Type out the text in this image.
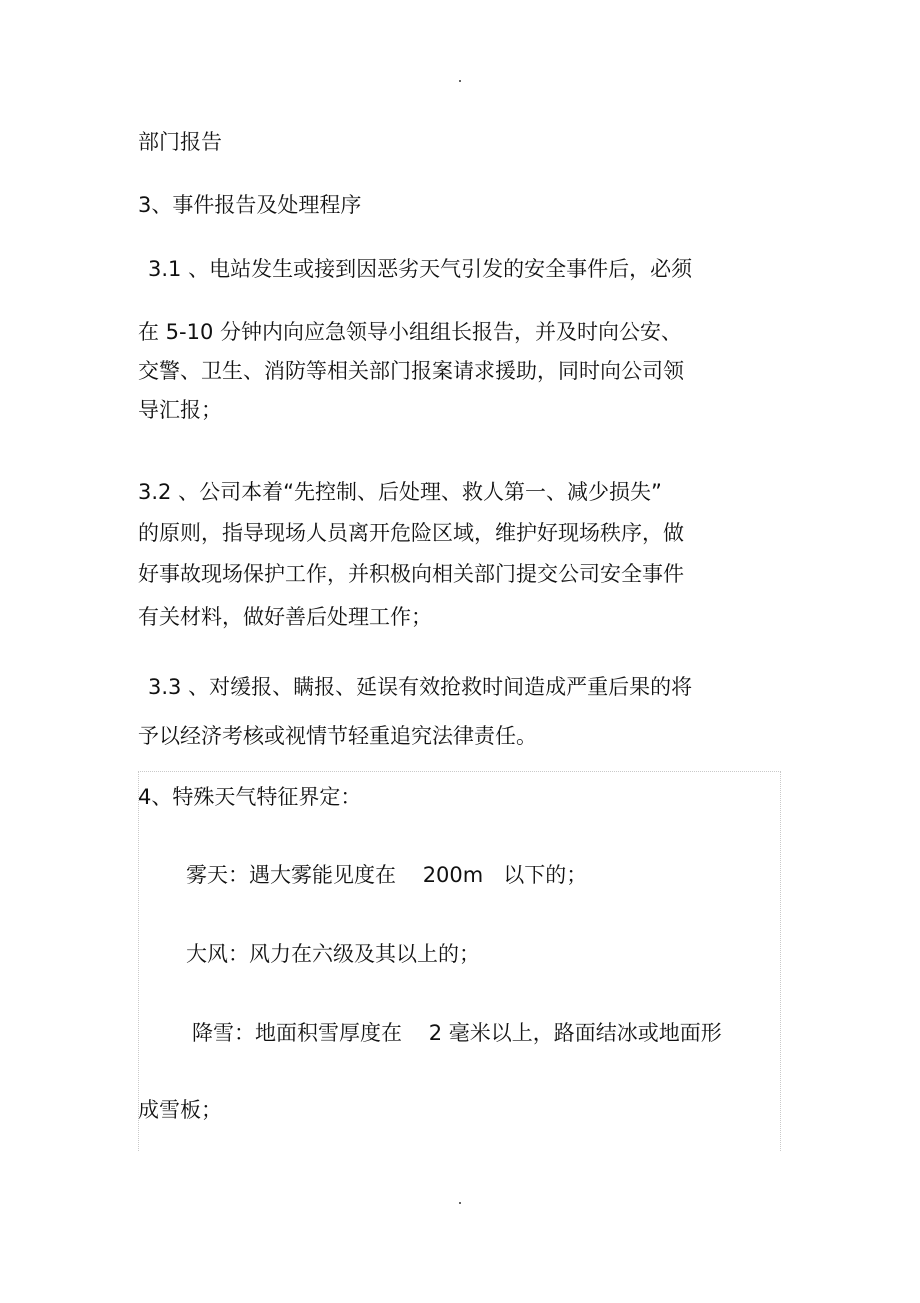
部门报告
3、事件报告及处理程序
3.1 、电站发生或接到因恶劣天气引发的安全事件后，必须
在 5-10 分钟内向应急领导小组组长报告，并及时向公安、
交警、卫生、消防等相关部门报案请求援助，同时向公司领
导汇报；
3.2 、公司本着“先控制、后处理、救人第一、减少损失”
的原则，指导现场人员离开危险区域，维护好现场秩序，做
好事故现场保护工作，并积极向相关部门提交公司安全事件
有关材料，做好善后处理工作；
3.3 、对缓报、瞒报、延误有效抢救时间造成严重后果的将
予以经济考核或视情节轻重追究法律责任。
4、特殊天气特征界定：
雾天：遇大雾能见度在    200m   以下的；
大风：风力在六级及其以上的；
降雪：地面积雪厚度在    2 毫米以上，路面结冰或地面形
成雪板；
